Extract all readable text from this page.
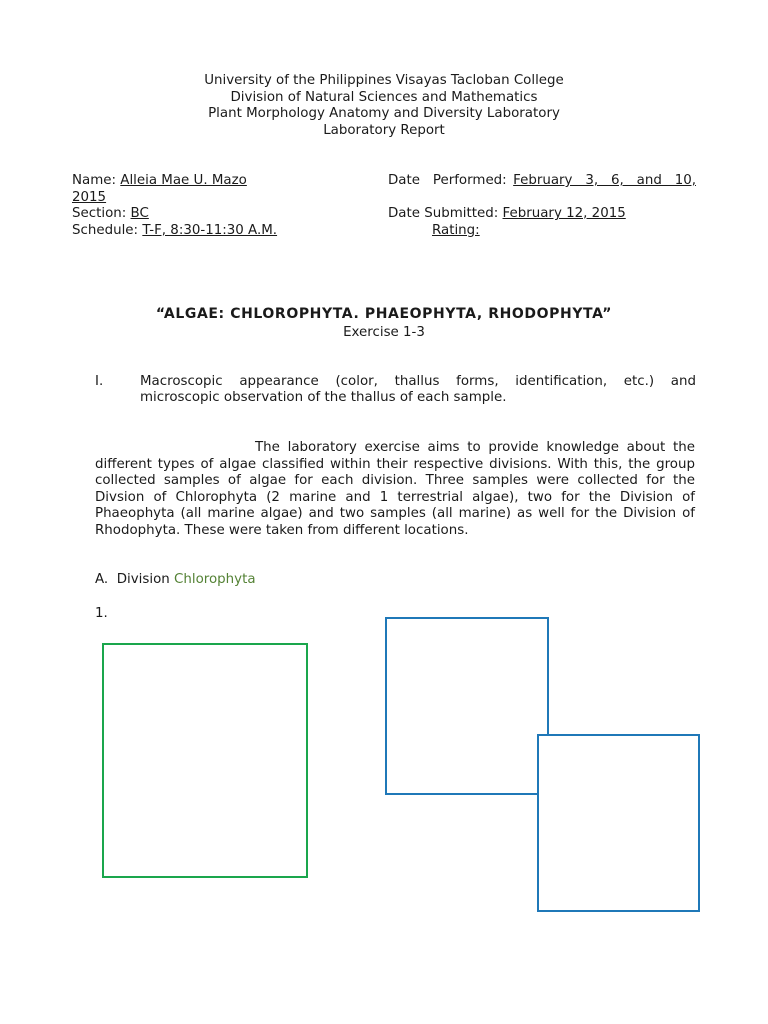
University of the Philippines Visayas Tacloban College
Division of Natural Sciences and Mathematics
Plant Morphology Anatomy and Diversity Laboratory
Laboratory Report
Name: Alleia Mae U. Mazo	Date  Performed: February  3,  6,  and  10,
2015
Section: BC	Date Submitted: February 12, 2015
Schedule: T-F, 8:30-11:30 A.M.	Rating:
“ALGAE: CHLOROPHYTA. PHAEOPHYTA, RHODOPHYTA”
Exercise 1-3
I.	Macroscopic  appearance  (color,  thallus  forms,  identification,  etc.)  and
microscopic observation of the thallus of each sample.
The laboratory exercise aims to provide knowledge about the different types of algae classified within their respective divisions. With this, the group collected samples of algae for each division. Three samples were collected for the Divsion of Chlorophyta (2 marine and 1 terrestrial algae), two for the Division of Phaeophyta (all marine algae) and two samples (all marine) as well for the Division of Rhodophyta. These were taken from different locations.
A.  Division Chlorophyta
1.
